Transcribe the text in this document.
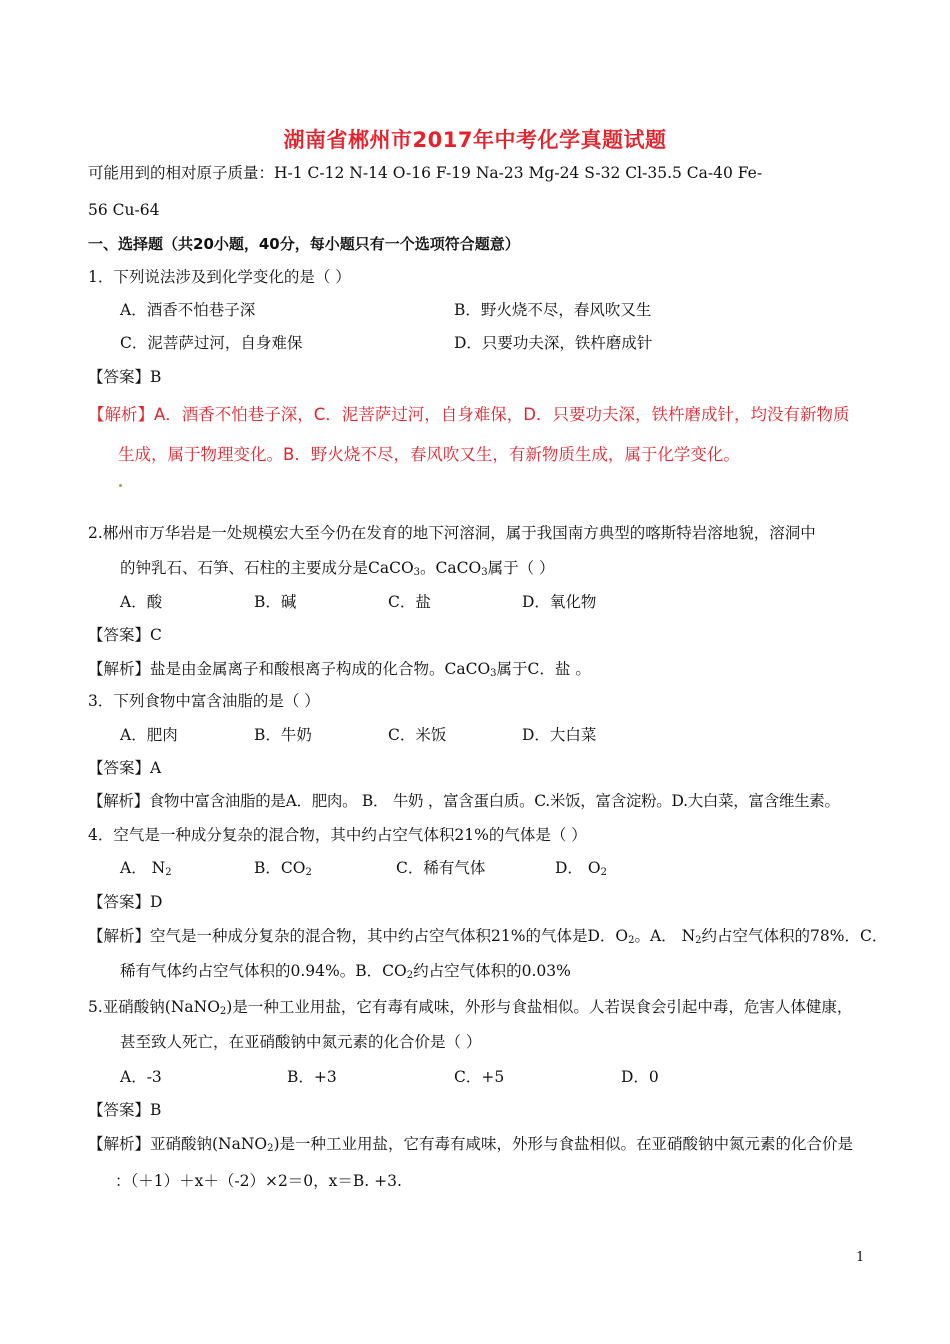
湖南省郴州市2017年中考化学真题试题
可能用到的相对原子质量：H-1 C-12 N-14 O-16 F-19 Na-23 Mg-24 S-32 Cl-35.5 Ca-40 Fe-
56 Cu-64
一、选择题（共20小题，40分，每小题只有一个选项符合题意）
1．下列说法涉及到化学变化的是（ ）
A．酒香不怕巷子深	B．野火烧不尽，春风吹又生
C．泥菩萨过河，自身难保	D．只要功夫深，铁杵磨成针
【答案】B
【解析】A．酒香不怕巷子深，C．泥菩萨过河，自身难保，D．只要功夫深，铁杵磨成针，均没有新物质
生成，属于物理变化。B．野火烧不尽，春风吹又生，有新物质生成，属于化学变化。
2.郴州市万华岩是一处规模宏大至今仍在发育的地下河溶洞，属于我国南方典型的喀斯特岩溶地貌，溶洞中
的钟乳石、石笋、石柱的主要成分是CaCO$_3$。CaCO$_3$属于（ ）
A．酸	B．碱	C．盐	D．氧化物
【答案】C
【解析】盐是由金属离子和酸根离子构成的化合物。CaCO$_3$属于C．盐 。
3．下列食物中富含油脂的是（ ）
A．肥肉	B．牛奶	C．米饭	D．大白菜
【答案】A
【解析】食物中富含油脂的是A．肥肉。 B． 牛奶 ，富含蛋白质。C.米饭，富含淀粉。D.大白菜，富含维生素。
4．空气是一种成分复杂的混合物，其中约占空气体积21%的气体是（ ）
A． $N_2$	B．$CO_2$	C．稀有气体	D． $O_2$
【答案】D
【解析】空气是一种成分复杂的混合物，其中约占空气体积21%的气体是D．$O_2$。A． $N_2$约占空气体积的78%．C．
稀有气体约占空气体积的0.94%。B．$CO_2$约占空气体积的0.03%
5.亚硝酸钠(NaNO$_2$)是一种工业用盐，它有毒有咸味，外形与食盐相似。人若误食会引起中毒，危害人体健康，
甚至致人死亡，在亚硝酸钠中氮元素的化合价是（ ）
A．-3	B．+3	C．+5	D．0
【答案】B
【解析】亚硝酸钠(NaNO$_2$)是一种工业用盐，它有毒有咸味，外形与食盐相似。在亚硝酸钠中氮元素的化合价是
：（＋1）＋x＋（-2）×2＝0，x＝B. +3.
1
